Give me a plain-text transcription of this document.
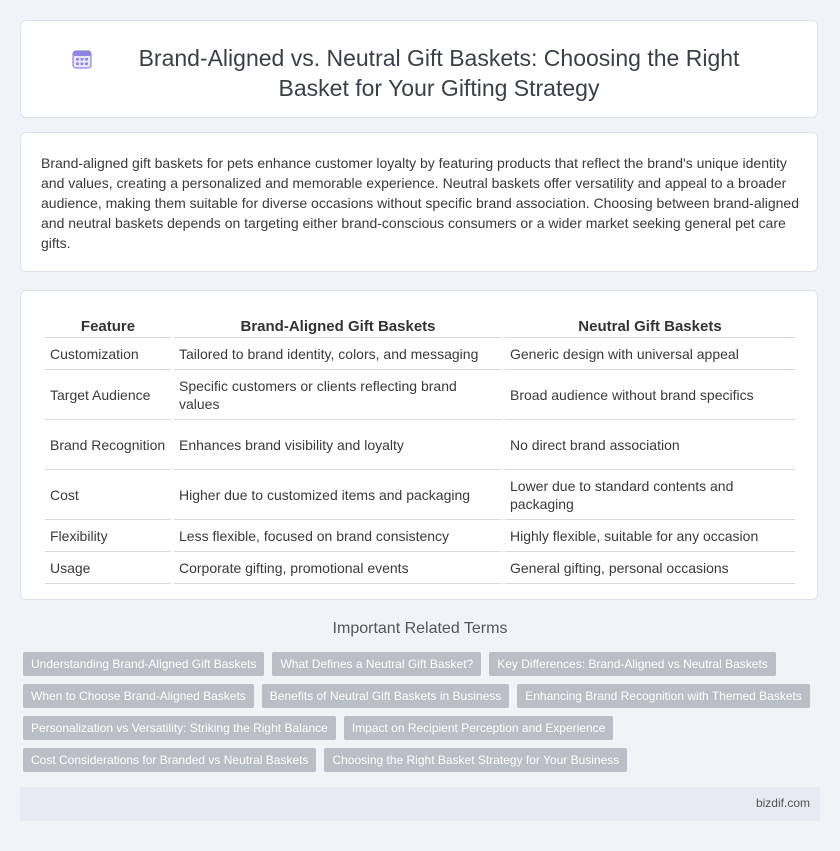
Brand-Aligned vs. Neutral Gift Baskets: Choosing the Right Basket for Your Gifting Strategy

Brand-aligned gift baskets for pets enhance customer loyalty by featuring products that reflect the brand's unique identity and values, creating a personalized and memorable experience. Neutral baskets offer versatility and appeal to a broader audience, making them suitable for diverse occasions without specific brand association. Choosing between brand-aligned and neutral baskets depends on targeting either brand-conscious consumers or a wider market seeking general pet care gifts.

Feature	Brand-Aligned Gift Baskets	Neutral Gift Baskets
Customization	Tailored to brand identity, colors, and messaging	Generic design with universal appeal
Target Audience	Specific customers or clients reflecting brand values	Broad audience without brand specifics
Brand Recognition	Enhances brand visibility and loyalty	No direct brand association
Cost	Higher due to customized items and packaging	Lower due to standard contents and packaging
Flexibility	Less flexible, focused on brand consistency	Highly flexible, suitable for any occasion
Usage	Corporate gifting, promotional events	General gifting, personal occasions
Important Related Terms
Understanding Brand-Aligned Gift Baskets	What Defines a Neutral Gift Basket?	Key Differences: Brand-Aligned vs Neutral Baskets
When to Choose Brand-Aligned Baskets	Benefits of Neutral Gift Baskets in Business	Enhancing Brand Recognition with Themed Baskets
Personalization vs Versatility: Striking the Right Balance	Impact on Recipient Perception and Experience
Cost Considerations for Branded vs Neutral Baskets	Choosing the Right Basket Strategy for Your Business
bizdif.com
